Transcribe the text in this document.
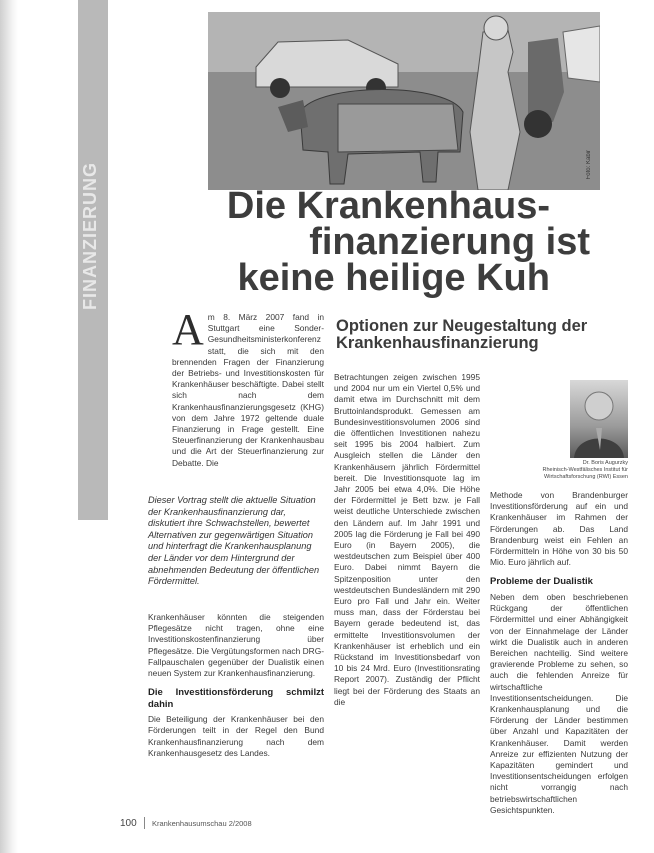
FINANZIERUNG	Foto: Kabir
Die Krankenhaus-
finanzierung ist
keine heilige Kuh

Am 8. März 2007 fand in Stuttgart eine Sonder-Gesundheitsministerkonferenz statt, die sich mit den brennenden Fragen der Finanzierung der Betriebs- und Investitionskosten für Krankenhäuser beschäftigte. Dabei stellt sich nach dem Krankenhausfinanzierungsgesetz (KHG) von dem Jahre 1972 geltende duale Finanzierung in Frage gestellt. Eine Steuerfinanzierung der Krankenhausbau und die Art der Steuerfinanzierung zur Debatte. Die

Dieser Vortrag stellt die aktuelle Situation der Krankenhausfinanzierung dar, diskutiert ihre Schwachstellen, bewertet Alternativen zur gegenwärtigen Situation und hinterfragt die Krankenhausplanung der Länder vor dem Hintergrund der abnehmenden Bedeutung der öffentlichen Fördermittel.

Krankenhäuser könnten die steigenden Pflegesätze nicht tragen, ohne eine Investitionskostenfinanzierung über Pflegesätze. Die Vergütungsformen nach DRG-Fallpauschalen gegenüber der Dualistik einen neuen System zur Krankenhausfinanzierung.

Die Investitionsförderung schmilzt dahin

Die Beteiligung der Krankenhäuser bei den Förderungen teilt in der Regel den Bund Krankenhausfinanzierung nach dem Krankenhausgesetz des Landes.

Optionen zur Neugestaltung der Krankenhausfinanzierung

Betrachtungen zeigen zwischen 1995 und 2004 nur um ein Viertel 0,5% und damit etwa im Durchschnitt mit dem Bruttoinlandsprodukt. Gemessen am Bundesinvestitionsvolumen 2006 sind die öffentlichen Investitionen nahezu seit 1995 bis 2004 halbiert. Zum Ausgleich stellen die Länder den Krankenhäusern jährlich Fördermittel bereit. Die Investitionsquote lag im Jahr 2005 bei etwa 4,0%. Die Höhe der Fördermittel je Bett bzw. je Fall weist deutliche Unterschiede zwischen den Ländern auf. Im Jahr 1991 und 2005 lag die Förderung je Fall bei 490 Euro (in Bayern 2005), die westdeutschen zum Beispiel über 400 Euro. Dabei nimmt Bayern die Spitzenposition unter den westdeutschen Bundesländern mit 290 Euro pro Fall und Jahr ein. Weiter muss man, dass der Förderstau bei Bayern gerade bedeutend ist, das ermittelte Investitionsvolumen der Krankenhäuser ist erheblich und ein Rückstand im Investitionsbedarf von 10 bis 24 Mrd. Euro (Investitionsrating Report 2007). Zuständig der Pflicht liegt bei der Förderung des Staats an die

Dr. Boris Augurzky
Rheinisch-Westfälisches Institut für
Wirtschaftsforschung (RWI) Essen

Methode von Brandenburger Investitionsförderung auf ein und Krankenhäuser im Rahmen der Förderungen ab. Das Land Brandenburg weist ein Fehlen an Fördermitteln in Höhe von 30 bis 50 Mio. Euro jährlich auf.

Probleme der Dualistik

Neben dem oben beschriebenen Rückgang der öffentlichen Fördermittel und einer Abhängigkeit von der Einnahmelage der Länder wirkt die Dualistik auch in anderen Bereichen nachteilig. Sind weitere gravierende Probleme zu sehen, so auch die fehlenden Anreize für wirtschaftliche Investitionsentscheidungen. Die Krankenhausplanung und die Förderung der Länder bestimmen über Anzahl und Kapazitäten der Krankenhäuser. Damit werden Anreize zur effizienten Nutzung der Kapazitäten gemindert und Investitionsentscheidungen erfolgen nicht vorrangig nach betriebswirtschaftlichen Gesichtspunkten.

100 Krankenhausumschau 2/2008
